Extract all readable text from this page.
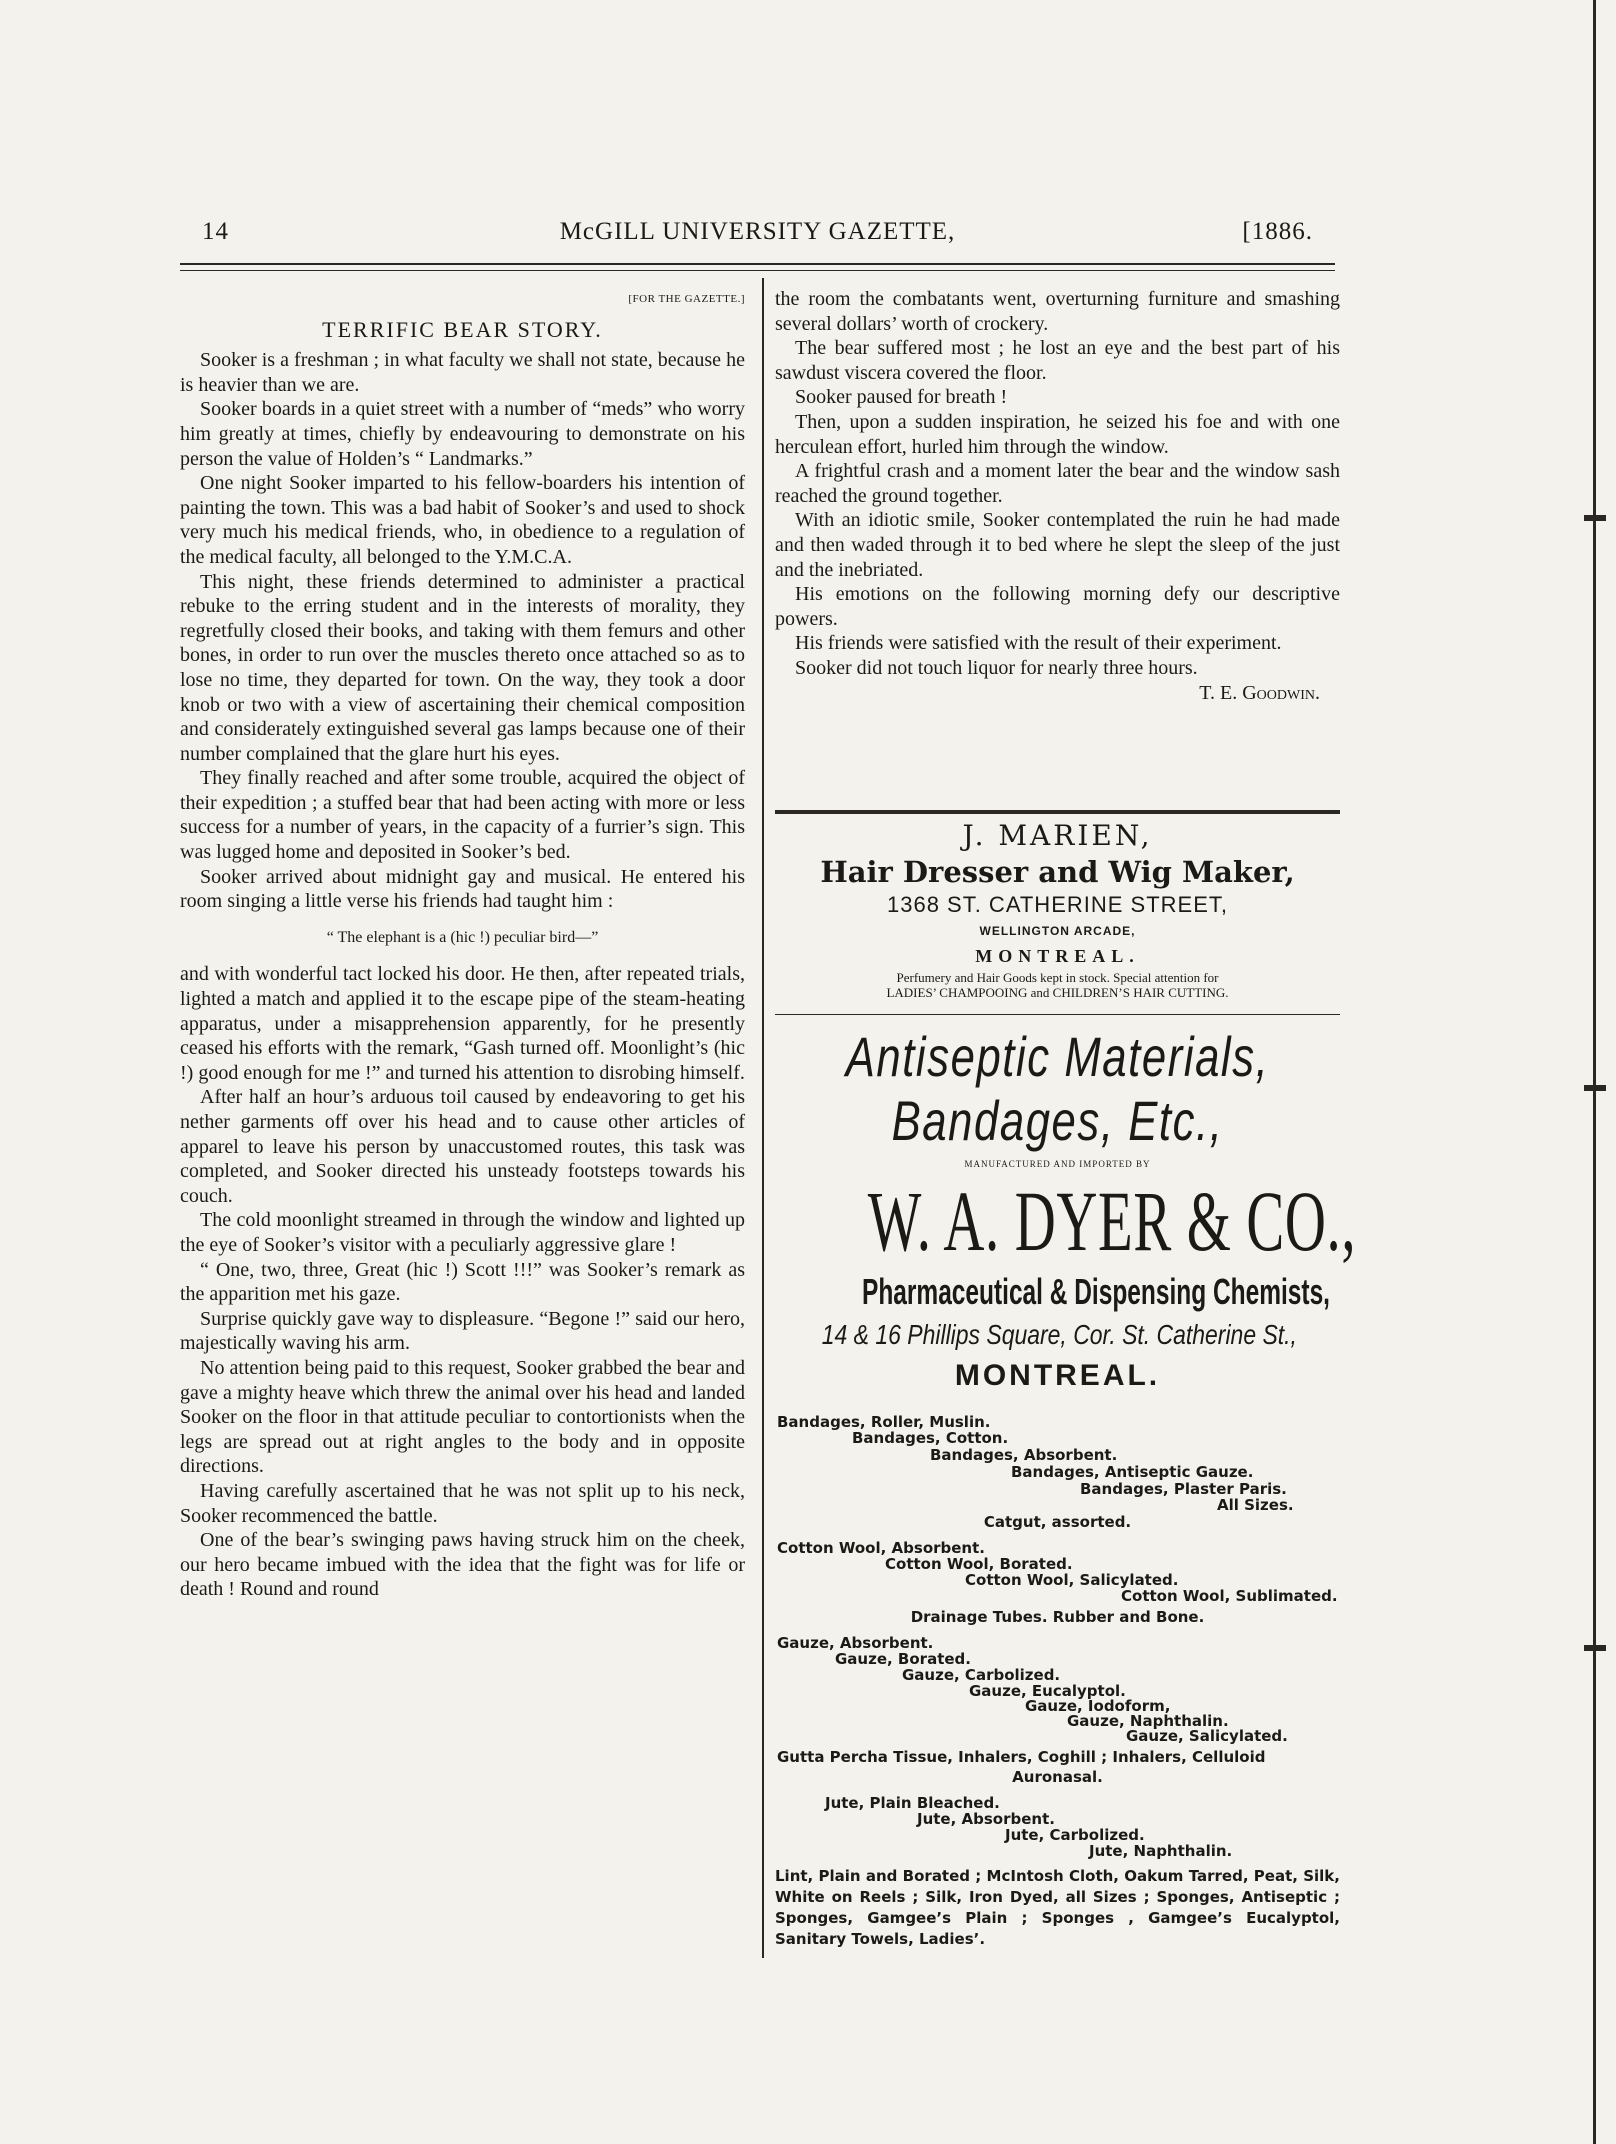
14	McGILL UNIVERSITY GAZETTE,	[1886.
[FOR THE GAZETTE.]
TERRIFIC BEAR STORY.

Sooker is a freshman ; in what faculty we shall not state, because he is heavier than we are.

Sooker boards in a quiet street with a number of “meds” who worry him greatly at times, chiefly by endeavouring to demonstrate on his person the value of Holden’s “ Landmarks.”

One night Sooker imparted to his fellow-boarders his intention of painting the town. This was a bad habit of Sooker’s and used to shock very much his medical friends, who, in obedience to a regulation of the medical faculty, all belonged to the Y.M.C.A.

This night, these friends determined to administer a practical rebuke to the erring student and in the interests of morality, they regretfully closed their books, and taking with them femurs and other bones, in order to run over the muscles thereto once attached so as to lose no time, they departed for town. On the way, they took a door knob or two with a view of ascertaining their chemical composition and considerately extinguished several gas lamps because one of their number complained that the glare hurt his eyes.

They finally reached and after some trouble, acquired the object of their expedition ; a stuffed bear that had been acting with more or less success for a number of years, in the capacity of a furrier’s sign. This was lugged home and deposited in Sooker’s bed.

Sooker arrived about midnight gay and musical. He entered his room singing a little verse his friends had taught him :

“ The elephant is a (hic !) peculiar bird—”

and with wonderful tact locked his door. He then, after repeated trials, lighted a match and applied it to the escape pipe of the steam-heating apparatus, under a misapprehension apparently, for he presently ceased his efforts with the remark, “Gash turned off. Moonlight’s (hic !) good enough for me !” and turned his attention to disrobing himself.

After half an hour’s arduous toil caused by endeavoring to get his nether garments off over his head and to cause other articles of apparel to leave his person by unaccustomed routes, this task was completed, and Sooker directed his unsteady footsteps towards his couch.

The cold moonlight streamed in through the window and lighted up the eye of Sooker’s visitor with a peculiarly aggressive glare !

“ One, two, three, Great (hic !) Scott !!!” was Sooker’s remark as the apparition met his gaze.

Surprise quickly gave way to displeasure. “Begone !” said our hero, majestically waving his arm.

No attention being paid to this request, Sooker grabbed the bear and gave a mighty heave which threw the animal over his head and landed Sooker on the floor in that attitude peculiar to contortionists when the legs are spread out at right angles to the body and in opposite directions.

Having carefully ascertained that he was not split up to his neck, Sooker recommenced the battle.

One of the bear’s swinging paws having struck him on the cheek, our hero became imbued with the idea that the fight was for life or death ! Round and round

the room the combatants went, overturning furniture and smashing several dollars’ worth of crockery.

The bear suffered most ; he lost an eye and the best part of his sawdust viscera covered the floor.

Sooker paused for breath !

Then, upon a sudden inspiration, he seized his foe and with one herculean effort, hurled him through the window.

A frightful crash and a moment later the bear and the window sash reached the ground together.

With an idiotic smile, Sooker contemplated the ruin he had made and then waded through it to bed where he slept the sleep of the just and the inebriated.

His emotions on the following morning defy our descriptive powers.

His friends were satisfied with the result of their experiment.

Sooker did not touch liquor for nearly three hours.

T. E. Goodwin.

J. MARIEN,
Hair Dresser and Wig Maker,
1368 ST. CATHERINE STREET,
WELLINGTON ARCADE,
MONTREAL.
Perfumery and Hair Goods kept in stock. Special attention for
LADIES’ CHAMPOOING and CHILDREN’S HAIR CUTTING.
Antiseptic Materials,
Bandages, Etc.,
MANUFACTURED AND IMPORTED BY
W. A. DYER & CO.,
Pharmaceutical & Dispensing Chemists,
14 & 16 Phillips Square, Cor. St. Catherine St.,
MONTREAL.
Bandages, Roller, Muslin.
Bandages, Cotton.
Bandages, Absorbent.
Bandages, Antiseptic Gauze.
Bandages, Plaster Paris.
All Sizes.
Catgut, assorted.
Cotton Wool, Absorbent.
Cotton Wool, Borated.
Cotton Wool, Salicylated.
Cotton Wool, Sublimated.
Drainage Tubes. Rubber and Bone.
Gauze, Absorbent.
Gauze, Borated.
Gauze, Carbolized.
Gauze, Eucalyptol.
Gauze, Iodoform,
Gauze, Naphthalin.
Gauze, Salicylated.
Gutta Percha Tissue, Inhalers, Coghill ; Inhalers, Celluloid
Auronasal.
Jute, Plain Bleached.
Jute, Absorbent.
Jute, Carbolized.
Jute, Naphthalin.
Lint, Plain and Borated ; McIntosh Cloth, Oakum Tarred, Peat, Silk, White on Reels ; Silk, Iron Dyed, all Sizes ; Sponges, Antiseptic ; Sponges, Gamgee’s Plain ; Sponges , Gamgee’s Eucalyptol, Sanitary Towels, Ladies’.
